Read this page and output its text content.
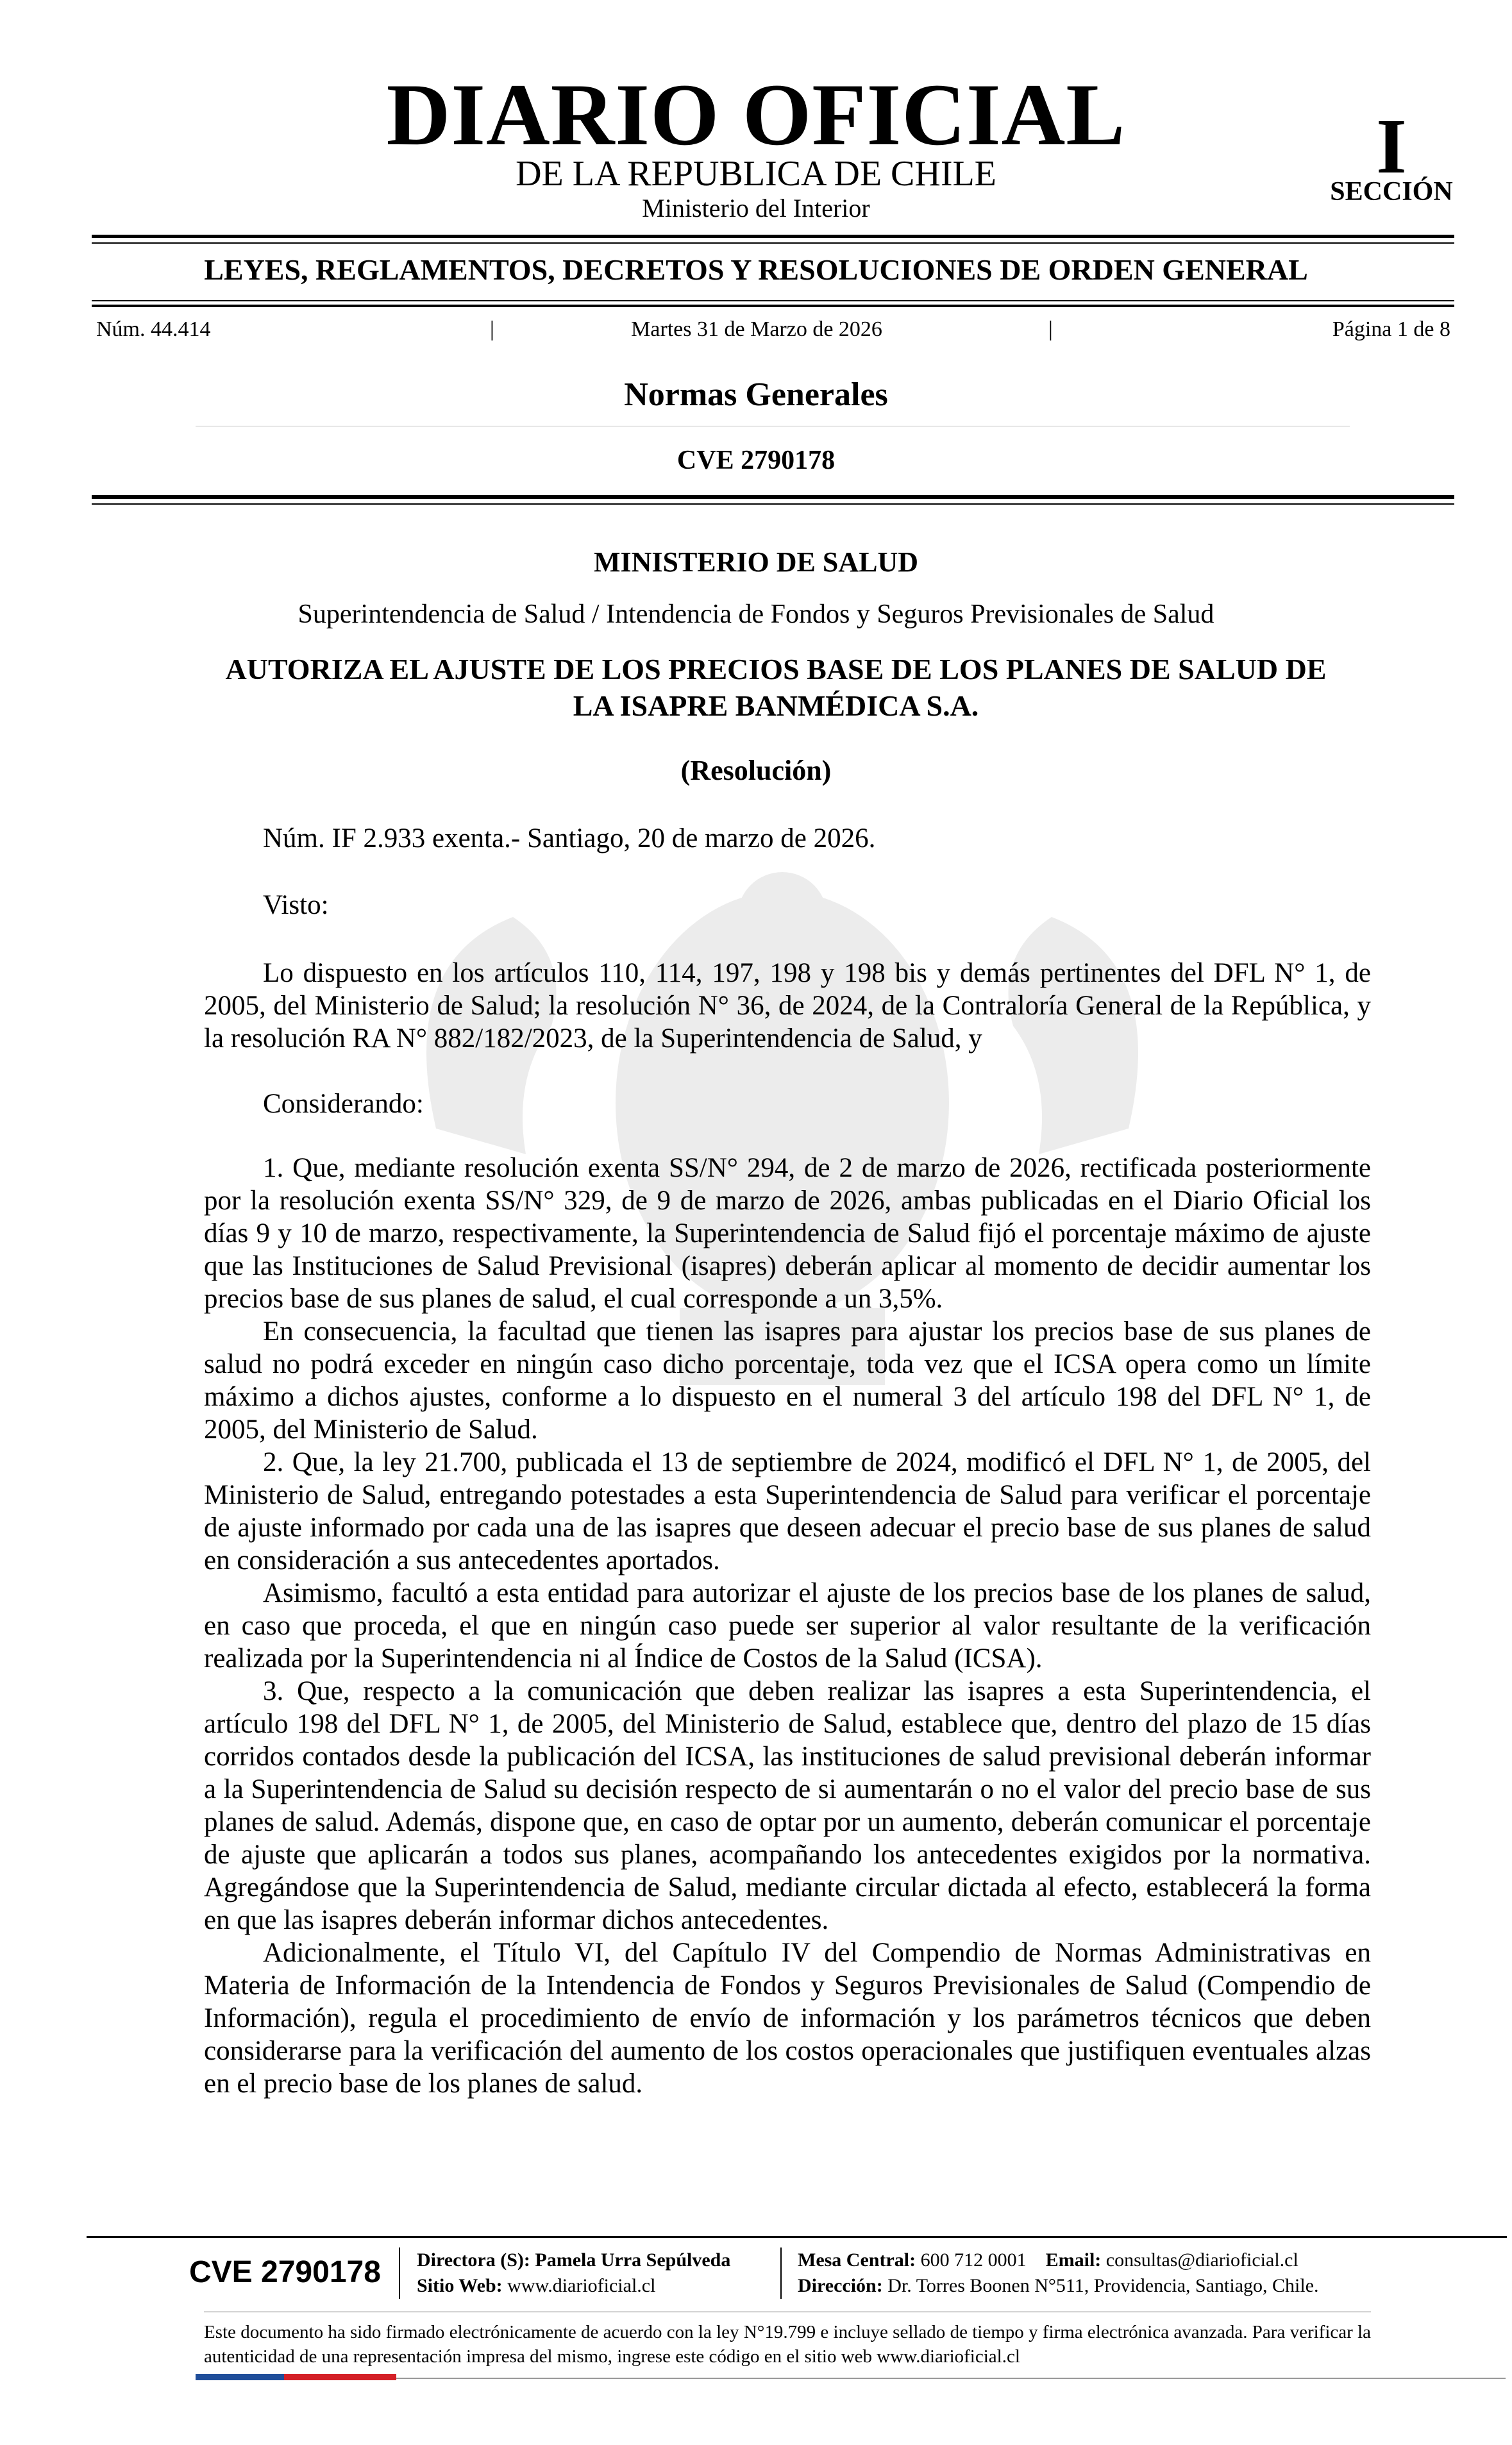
DIARIO OFICIAL
DE LA REPUBLICA DE CHILE
Ministerio del Interior
I
SECCIÓN
LEYES, REGLAMENTOS, DECRETOS Y RESOLUCIONES DE ORDEN GENERAL
Núm. 44.414	|	Martes 31 de Marzo de 2026	|	Página 1 de 8
Normas Generales
CVE 2790178
MINISTERIO DE SALUD
Superintendencia de Salud / Intendencia de Fondos y Seguros Previsionales de Salud
AUTORIZA EL AJUSTE DE LOS PRECIOS BASE DE LOS PLANES DE SALUD DE LA ISAPRE BANMÉDICA S.A.
(Resolución)
Núm. IF 2.933 exenta.- Santiago, 20 de marzo de 2026.
Visto:

Lo dispuesto en los artículos 110, 114, 197, 198 y 198 bis y demás pertinentes del DFL N° 1, de 2005, del Ministerio de Salud; la resolución N° 36, de 2024, de la Contraloría General de la República, y la resolución RA N° 882/182/2023, de la Superintendencia de Salud, y

Considerando:

1. Que, mediante resolución exenta SS/N° 294, de 2 de marzo de 2026, rectificada posteriormente por la resolución exenta SS/N° 329, de 9 de marzo de 2026, ambas publicadas en el Diario Oficial los días 9 y 10 de marzo, respectivamente, la Superintendencia de Salud fijó el porcentaje máximo de ajuste que las Instituciones de Salud Previsional (isapres) deberán aplicar al momento de decidir aumentar los precios base de sus planes de salud, el cual corresponde a un 3,5%.

En consecuencia, la facultad que tienen las isapres para ajustar los precios base de sus planes de salud no podrá exceder en ningún caso dicho porcentaje, toda vez que el ICSA opera como un límite máximo a dichos ajustes, conforme a lo dispuesto en el numeral 3 del artículo 198 del DFL N° 1, de 2005, del Ministerio de Salud.

2. Que, la ley 21.700, publicada el 13 de septiembre de 2024, modificó el DFL N° 1, de 2005, del Ministerio de Salud, entregando potestades a esta Superintendencia de Salud para verificar el porcentaje de ajuste informado por cada una de las isapres que deseen adecuar el precio base de sus planes de salud en consideración a sus antecedentes aportados.

Asimismo, facultó a esta entidad para autorizar el ajuste de los precios base de los planes de salud, en caso que proceda, el que en ningún caso puede ser superior al valor resultante de la verificación realizada por la Superintendencia ni al Índice de Costos de la Salud (ICSA).

3. Que, respecto a la comunicación que deben realizar las isapres a esta Superintendencia, el artículo 198 del DFL N° 1, de 2005, del Ministerio de Salud, establece que, dentro del plazo de 15 días corridos contados desde la publicación del ICSA, las instituciones de salud previsional deberán informar a la Superintendencia de Salud su decisión respecto de si aumentarán o no el valor del precio base de sus planes de salud. Además, dispone que, en caso de optar por un aumento, deberán comunicar el porcentaje de ajuste que aplicarán a todos sus planes, acompañando los antecedentes exigidos por la normativa. Agregándose que la Superintendencia de Salud, mediante circular dictada al efecto, establecerá la forma en que las isapres deberán informar dichos antecedentes.

Adicionalmente, el Título VI, del Capítulo IV del Compendio de Normas Administrativas en Materia de Información de la Intendencia de Fondos y Seguros Previsionales de Salud (Compendio de Información), regula el procedimiento de envío de información y los parámetros técnicos que deben considerarse para la verificación del aumento de los costos operacionales que justifiquen eventuales alzas en el precio base de los planes de salud.

CVE 2790178 Directora (S): Pamela Urra Sepúlveda
Sitio Web: www.diarioficial.cl
Mesa Central: 600 712 0001 Email: consultas@diarioficial.cl
Dirección: Dr. Torres Boonen N°511, Providencia, Santiago, Chile.
Este documento ha sido firmado electrónicamente de acuerdo con la ley N°19.799 e incluye sellado de tiempo y firma electrónica avanzada. Para verificar la autenticidad de una representación impresa del mismo, ingrese este código en el sitio web www.diarioficial.cl
